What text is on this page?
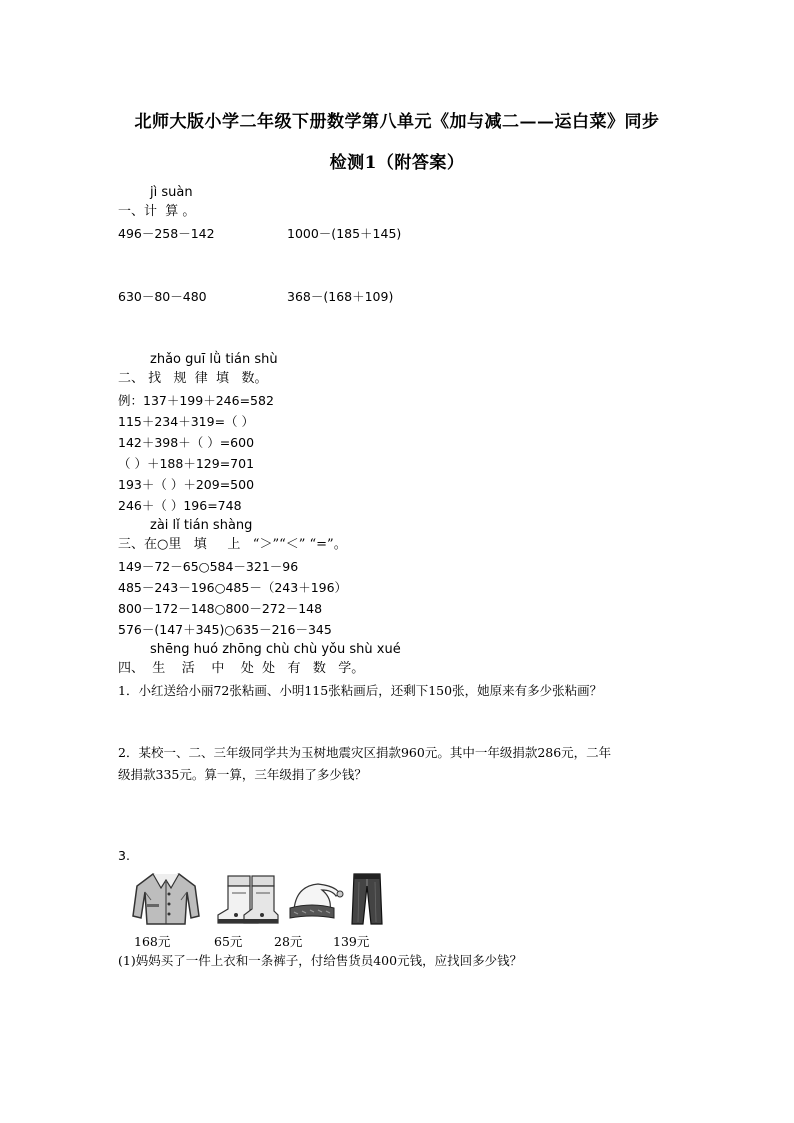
北师大版小学二年级下册数学第八单元《加与减二——运白菜》同步
检测1（附答案）
jì suàn
一、计  算 。
496－258－142	1000－(185＋145)
630－80－480	368－(168＋109)
zhǎo guī lǜ tián shù
二、 找   规  律  填   数。
例：137＋199＋246=582
115＋234＋319=（ ）
142＋398＋（ ）=600
（ ）＋188＋129=701
193＋（ ）＋209=500
246＋（ ）196=748
zài lǐ tián shàng
三、在○里   填     上   “＞”“＜” “=”。
149－72－65○584－321－96
485－243－196○485－（243＋196）
800－172－148○800－272－148
576－(147＋345)○635－216－345
shēng huó zhōng chù chù yǒu shù xué
四、  生    活    中    处  处   有   数   学。
1．小红送给小丽72张粘画、小明115张粘画后，还剩下150张，她原来有多少张粘画？
2．某校一、二、三年级同学共为玉树地震灾区捐款960元。其中一年级捐款286元，二年
级捐款335元。算一算，三年级捐了多少钱？
3.
168元	65元	28元 139元
(1)妈妈买了一件上衣和一条裤子，付给售货员400元钱，应找回多少钱？
